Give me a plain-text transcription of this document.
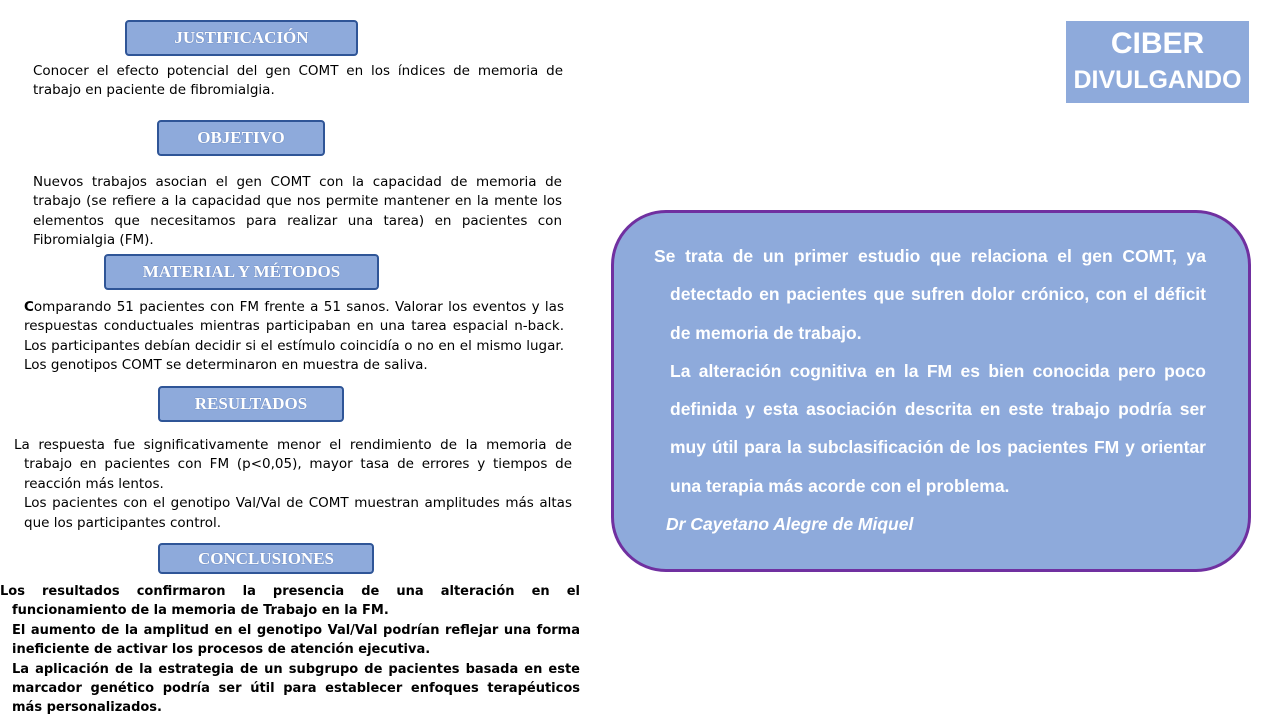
JUSTIFICACIÓN
Conocer el efecto potencial del gen COMT en los índices de memoria de trabajo en paciente de fibromialgia.
OBJETIVO
Nuevos trabajos asocian el gen COMT con la capacidad de memoria de trabajo (se refiere a la capacidad que nos permite mantener en la mente los elementos que necesitamos para realizar una tarea) en pacientes con Fibromialgia (FM).
MATERIAL Y MÉTODOS
Comparando 51 pacientes con FM frente a 51 sanos. Valorar los eventos y las respuestas conductuales mientras participaban en una tarea espacial n-back. Los participantes debían decidir si el estímulo coincidía o no en el mismo lugar. Los genotipos COMT se determinaron en muestra de saliva.
RESULTADOS

La respuesta fue significativamente menor el rendimiento de la memoria de trabajo en pacientes con FM (p<0,05), mayor tasa de errores y tiempos de reacción más lentos.

Los pacientes con el genotipo Val/Val de COMT muestran amplitudes más altas que los participantes control.

CONCLUSIONES

Los resultados confirmaron la presencia de una alteración en el funcionamiento de la memoria de Trabajo en la FM.

El aumento de la amplitud en el genotipo Val/Val podrían reflejar una forma ineficiente de activar los procesos de atención ejecutiva.

La aplicación de la estrategia de un subgrupo de pacientes basada en este marcador genético podría ser útil para establecer enfoques terapéuticos más personalizados.

CIBER
DIVULGANDO

Se trata de un primer estudio que relaciona el gen COMT, ya detectado en pacientes que sufren dolor crónico, con el déficit de memoria de trabajo.

La alteración cognitiva en la FM es bien conocida pero poco definida y esta asociación descrita en este trabajo podría ser muy útil para la subclasificación de los pacientes FM y orientar una terapia más acorde con el problema.

Dr Cayetano Alegre de Miquel
